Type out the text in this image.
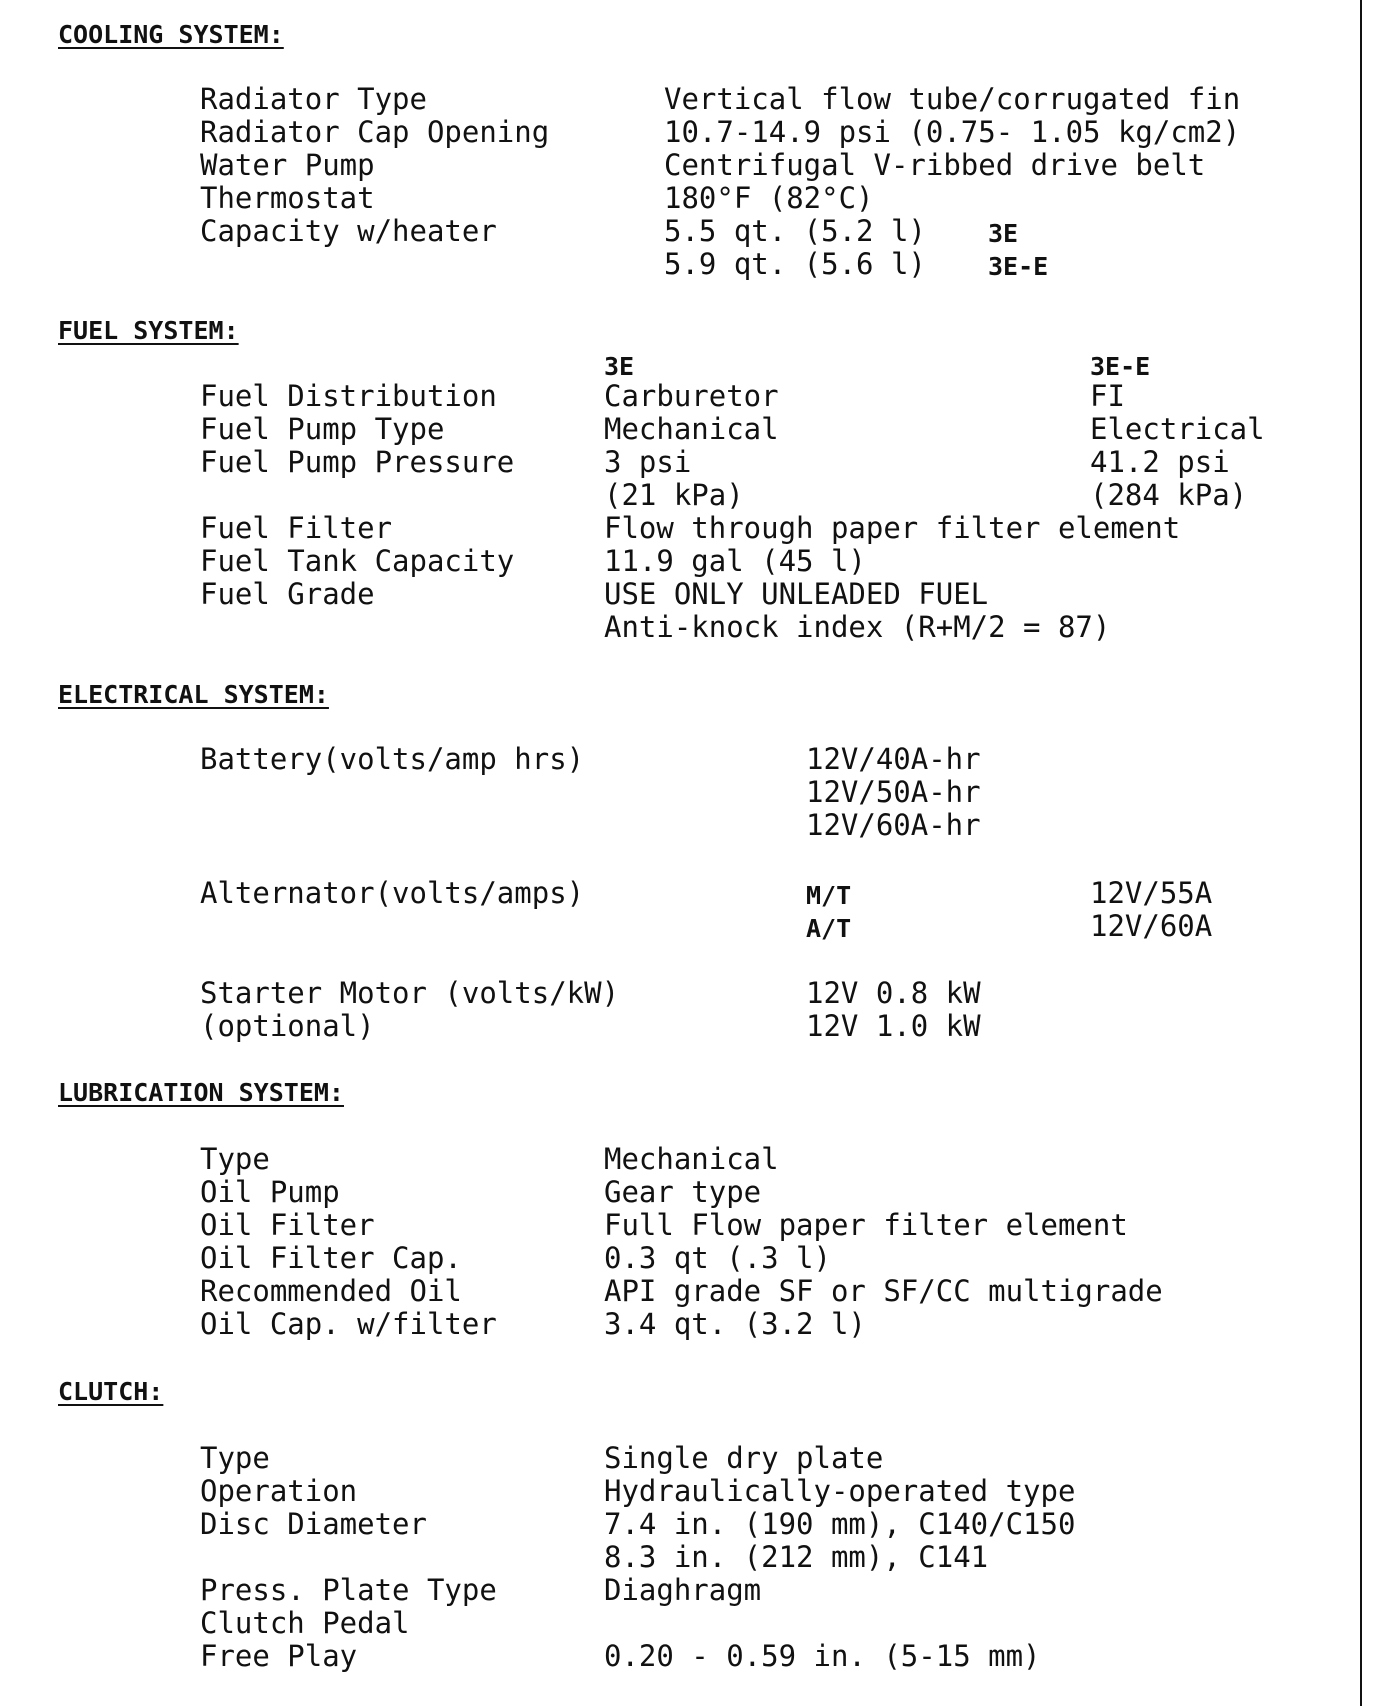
COOLING SYSTEM:
Radiator Type	Vertical flow tube/corrugated fin
Radiator Cap Opening	10.7-14.9 psi (0.75- 1.05 kg/cm2)
Water Pump	Centrifugal V-ribbed drive belt
Thermostat	180°F (82°C)
Capacity w/heater	5.5 qt. (5.2 l) 3E
5.9 qt. (5.6 l) 3E-E
FUEL SYSTEM:
3E	3E-E
Fuel Distribution	Carburetor	FI
Fuel Pump Type	Mechanical	Electrical
Fuel Pump Pressure	3 psi	41.2 psi
(21 kPa)	(284 kPa)
Fuel Filter	Flow through paper filter element
Fuel Tank Capacity	11.9 gal (45 l)
Fuel Grade	USE ONLY UNLEADED FUEL
Anti-knock index (R+M/2 = 87)
ELECTRICAL SYSTEM:
Battery(volts/amp hrs)	12V/40A-hr
12V/50A-hr
12V/60A-hr
Alternator(volts/amps)	M/T	12V/55A
A/T	12V/60A
Starter Motor (volts/kW)	12V 0.8 kW
(optional)	12V 1.0 kW
LUBRICATION SYSTEM:
Type	Mechanical
Oil Pump	Gear type
Oil Filter	Full Flow paper filter element
Oil Filter Cap.	0.3 qt (.3 l)
Recommended Oil	API grade SF or SF/CC multigrade
Oil Cap. w/filter	3.4 qt. (3.2 l)
CLUTCH:
Type	Single dry plate
Operation	Hydraulically-operated type
Disc Diameter	7.4 in. (190 mm), C140/C150
8.3 in. (212 mm), C141
Press. Plate Type	Diaghragm
Clutch Pedal
Free Play	0.20 - 0.59 in. (5-15 mm)
